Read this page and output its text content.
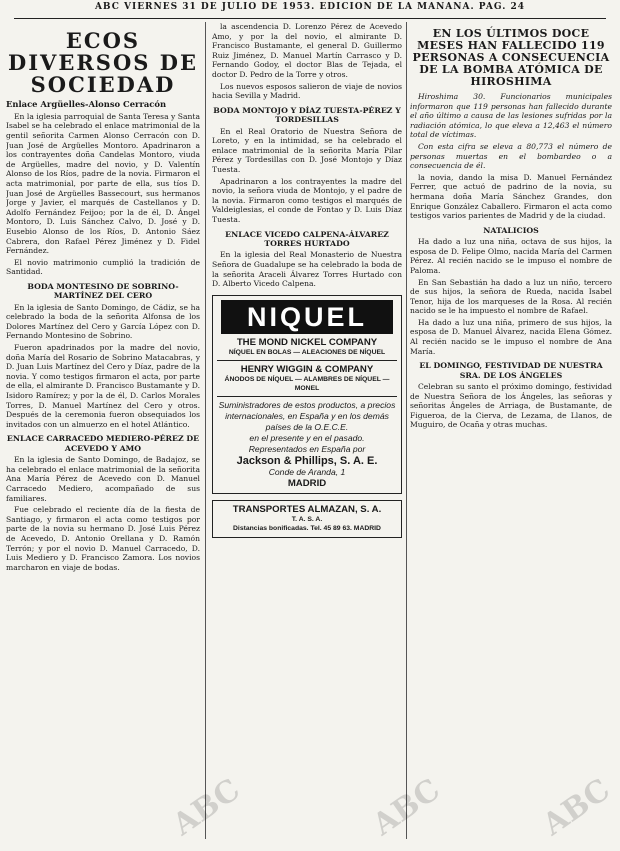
ABC VIERNES 31 DE JULIO DE 1953. EDICION DE LA MAÑANA. PAG. 24
ECOS DIVERSOS DE SOCIEDAD
Enlace Argüelles-Alonso Cerracón

En la iglesia parroquial de Santa Teresa y Santa Isabel se ha celebrado el enlace matrimonial de la gentil señorita Carmen Alonso Cerracón con D. Juan José de Argüelles Montoro. Apadrinaron a los contrayentes doña Candelas Montoro, viuda de Argüelles, madre del novio, y D. Valentín Alonso de los Ríos, padre de la novia. Firmaron el acta matrimonial, por parte de ella, sus tíos D. Juan José de Argüelles Bassecourt, sus hermanos Jorge y Javier, el marqués de Castellanos y D. Adolfo Fernández Feijoo; por la de él, D. Ángel Montoro, D. Luis Sánchez Calvo, D. José y D. Eusebio Alonso de los Ríos, D. Antonio Sáez Cabrera, don Rafael Pérez Jiménez y D. Fidel Fernández.

El novio matrimonio cumplió la tradición de Santidad.

BODA MONTESINO DE SOBRINO-MARTÍNEZ DEL CERO

En la iglesia de Santo Domingo, de Cádiz, se ha celebrado la boda de la señorita Alfonsa de los Dolores Martínez del Cero y García López con D. Fernando Montesino de Sobrino.

Fueron apadrinados por la madre del novio, doña María del Rosario de Sobrino Matacabras, y D. Juan Luis Martínez del Cero y Díaz, padre de la novia. Y como testigos firmaron el acta, por parte de ella, el almirante D. Francisco Bustamante y D. Isidoro Ramírez; y por la de él, D. Carlos Morales Torres, D. Manuel Martínez del Cero y otros. Después de la ceremonia fueron obsequiados los invitados con un almuerzo en el hotel Atlántico.

ENLACE CARRACEDO MEDIERO-PÉREZ DE ACEVEDO Y AMO

En la iglesia de Santo Domingo, de Badajoz, se ha celebrado el enlace matrimonial de la señorita Ana María Pérez de Acevedo con D. Manuel Carracedo Mediero, acompañado de sus familiares.

Fue celebrado el reciente día de la fiesta de Santiago, y firmaron el acta como testigos por parte de la novia su hermano D. José Luis Pérez de Acevedo, D. Antonio Orellana y D. Ramón Terrón; y por el novio D. Manuel Carracedo, D. Luis Mediero y D. Francisco Zamora. Los novios marcharon en viaje de bodas.

la ascendencia D. Lorenzo Pérez de Acevedo Amo, y por la del novio, el almirante D. Francisco Bustamante, el general D. Guillermo Ruiz Jiménez, D. Manuel Martín Carrasco y D. Fernando Godoy, el doctor Blas de Tejada, el doctor D. Pedro de la Torre y otros.

Los nuevos esposos salieron de viaje de novios hacia Sevilla y Madrid.

BODA MONTOJO Y DÍAZ TUESTA-PÉREZ Y TORDESILLAS

En el Real Oratorio de Nuestra Señora de Loreto, y en la intimidad, se ha celebrado el enlace matrimonial de la señorita María Pilar Pérez y Tordesillas con D. José Montojo y Díaz Tuesta.

Apadrinaron a los contrayentes la madre del novio, la señora viuda de Montojo, y el padre de la novia. Firmaron como testigos el marqués de Valdeiglesias, el conde de Fontao y D. Luis Díaz Tuesta.

ENLACE VICEDO CALPENA-ÁLVAREZ TORRES HURTADO

En la iglesia del Real Monasterio de Nuestra Señora de Guadalupe se ha celebrado la boda de la señorita Araceli Álvarez Torres Hurtado con D. Alberto Vicedo Calpena.

NIQUEL
THE MOND NICKEL COMPANY
NÍQUEL EN BOLAS — ALEACIONES DE NÍQUEL
HENRY WIGGIN & COMPANY
ÁNODOS DE NÍQUEL — ALAMBRES DE NÍQUEL — MONEL
Suministradores de estos productos, a precios internacionales, en España y en los demás países de la O.E.C.E.
en el presente y en el pasado.
Representados en España por
Jackson & Phillips, S. A. E.
Conde de Aranda, 1
MADRID
TRANSPORTES ALMAZAN, S. A.
T. A. S. A.
Distancias bonificadas. Tel. 45 89 63. MADRID
EN LOS ÚLTIMOS DOCE MESES HAN FALLECIDO 119 PERSONAS A CONSECUENCIA DE LA BOMBA ATÓMICA DE HIROSHIMA

Hiroshima 30. Funcionarios municipales informaron que 119 personas han fallecido durante el año último a causa de las lesiones sufridas por la radiación atómica, lo que eleva a 12,463 el número total de víctimas.

Con esta cifra se eleva a 80,773 el número de personas muertas en el bombardeo o a consecuencia de él.

la novia, dando la misa D. Manuel Fernández Ferrer, que actuó de padrino de la novia, su hermana doña María Sánchez Grandes, don Enrique González Caballero. Firmaron el acta como testigos varios parientes de Madrid y de la ciudad.

NATALICIOS

Ha dado a luz una niña, octava de sus hijos, la esposa de D. Felipe Olmo, nacida María del Carmen Pérez. Al recién nacido se le impuso el nombre de Paloma.

En San Sebastián ha dado a luz un niño, tercero de sus hijos, la señora de Rueda, nacida Isabel Tenor, hija de los marqueses de la Rosa. Al recién nacido se le ha impuesto el nombre de Rafael.

Ha dado a luz una niña, primero de sus hijos, la esposa de D. Manuel Álvarez, nacida Elena Gómez. Al recién nacido se le impuso el nombre de Ana María.

EL DOMINGO, FESTIVIDAD DE NUESTRA SRA. DE LOS ÁNGELES

Celebran su santo el próximo domingo, festividad de Nuestra Señora de los Ángeles, las señoras y señoritas Ángeles de Arriaga, de Bustamante, de Figueroa, de la Cierva, de Lezama, de Llanos, de Muguiro, de Ocaña y otras muchas.

ABC	ABC	ABC
